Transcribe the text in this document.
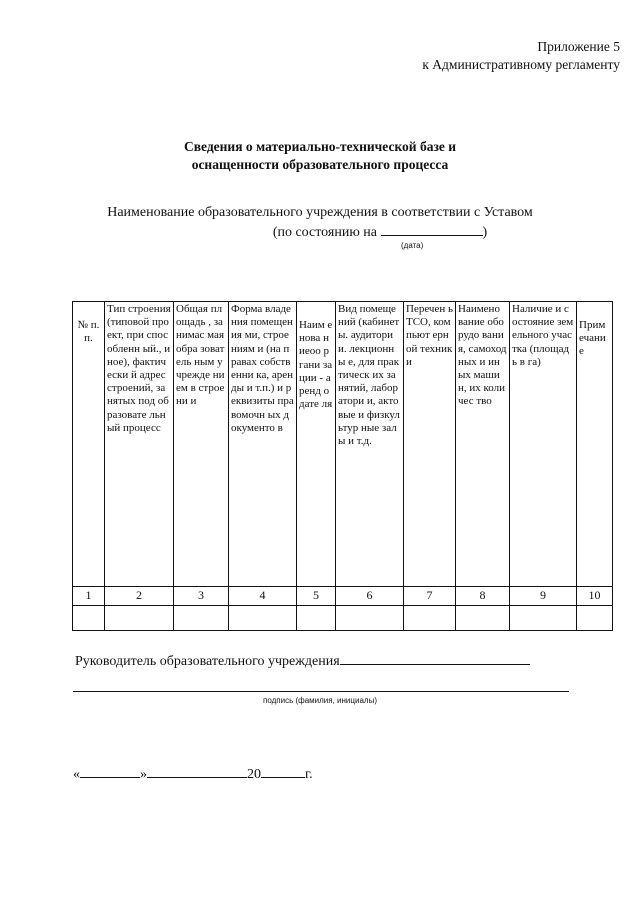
Приложение 5
к Административному регламенту
Сведения о материально-технической базе и
оснащенности образовательного процесса
Наименование образовательного учреждения в соответствии с Уставом
(по состоянию на	)
(дата)
№ п.п.	Тип строения (типовой проект, при способленн ый., иное), фактически й адрес строений, занятых под образовате льный процесс	Общая площадь , занимас мая обра зователь ным учрежде нием в строени и	Форма владения помещения ми, строениям и (на правах собственни ка, аренды и т.п.) и реквизиты правомочн ых документо в	Наим енова ниеоо ргани зации - аренд одате ля	Вид помещений (кабинеты. аудитории. лекционны е, для практическ их занятий, лаборатори и, актовые и физкультур ные залы и т.д.	Перечен ь ТСО, компьют ерной техники	Наимено вание оборудо вания, самоход ных и иных машин, их количес тво	Наличие и состояние земельного участка (площадь в га)	Прим ечани е
1	2	3	4	5	6	7	8	9	10

Руководитель образовательного учреждения
подпись (фамилия, инициалы)
«	»	20	г.
